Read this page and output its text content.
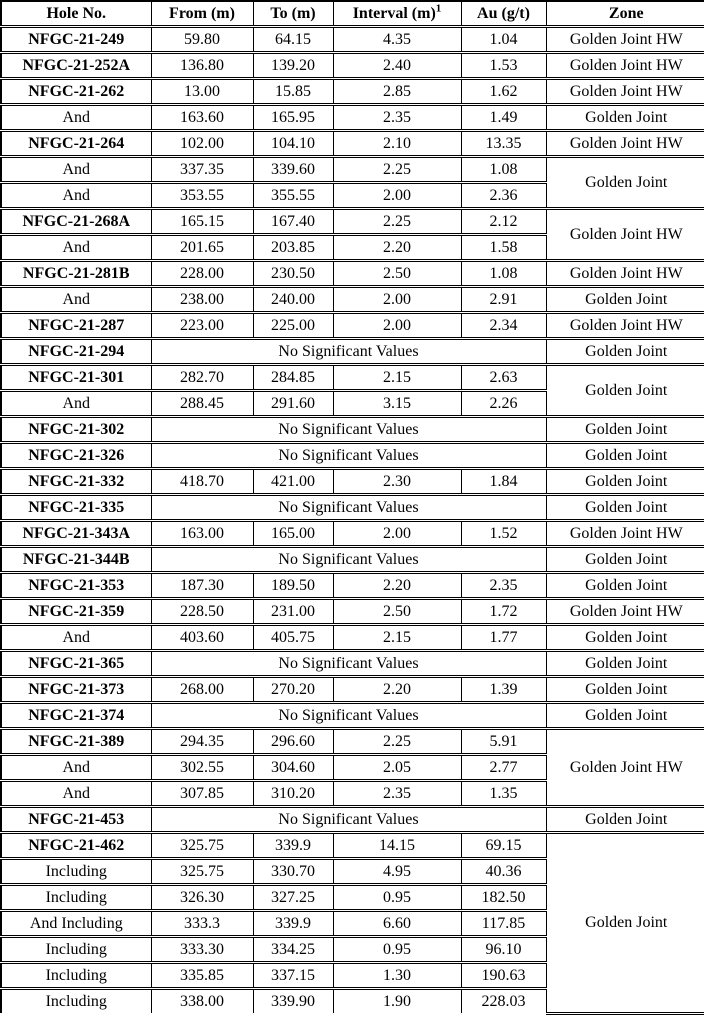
Hole No.	From (m)	To (m)	Interval $(m)^1$	Au (g/t)	Zone
NFGC-21-249	59.80	64.15	4.35	1.04	Golden Joint HW
NFGC-21-252A	136.80	139.20	2.40	1.53	Golden Joint HW
NFGC-21-262	13.00	15.85	2.85	1.62	Golden Joint HW
And	163.60	165.95	2.35	1.49	Golden Joint
NFGC-21-264	102.00	104.10	2.10	13.35	Golden Joint HW
And	337.35	339.60	2.25	1.08	Golden Joint
And	353.55	355.55	2.00	2.36	
NFGC-21-268A	165.15	167.40	2.25	2.12	Golden Joint HW
And	201.65	203.85	2.20	1.58	
NFGC-21-281B	228.00	230.50	2.50	1.08	Golden Joint HW
And	238.00	240.00	2.00	2.91	Golden Joint
NFGC-21-287	223.00	225.00	2.00	2.34	Golden Joint HW
NFGC-21-294	No Significant Values				Golden Joint
NFGC-21-301	282.70	284.85	2.15	2.63	Golden Joint
And	288.45	291.60	3.15	2.26	
NFGC-21-302	No Significant Values				Golden Joint
NFGC-21-326	No Significant Values				Golden Joint
NFGC-21-332	418.70	421.00	2.30	1.84	Golden Joint
NFGC-21-335	No Significant Values				Golden Joint
NFGC-21-343A	163.00	165.00	2.00	1.52	Golden Joint HW
NFGC-21-344B	No Significant Values				Golden Joint
NFGC-21-353	187.30	189.50	2.20	2.35	Golden Joint
NFGC-21-359	228.50	231.00	2.50	1.72	Golden Joint HW
And	403.60	405.75	2.15	1.77	Golden Joint
NFGC-21-365	No Significant Values				Golden Joint
NFGC-21-373	268.00	270.20	2.20	1.39	Golden Joint
NFGC-21-374	No Significant Values				Golden Joint
NFGC-21-389	294.35	296.60	2.25	5.91	Golden Joint HW
And	302.55	304.60	2.05	2.77	
And	307.85	310.20	2.35	1.35	
NFGC-21-453	No Significant Values				Golden Joint
NFGC-21-462	325.75	339.9	14.15	69.15	Golden Joint
Including	325.75	330.70	4.95	40.36	
Including	326.30	327.25	0.95	182.50	
And Including	333.3	339.9	6.60	117.85	
Including	333.30	334.25	0.95	96.10	
Including	335.85	337.15	1.30	190.63	
Including	338.00	339.90	1.90	228.03	
